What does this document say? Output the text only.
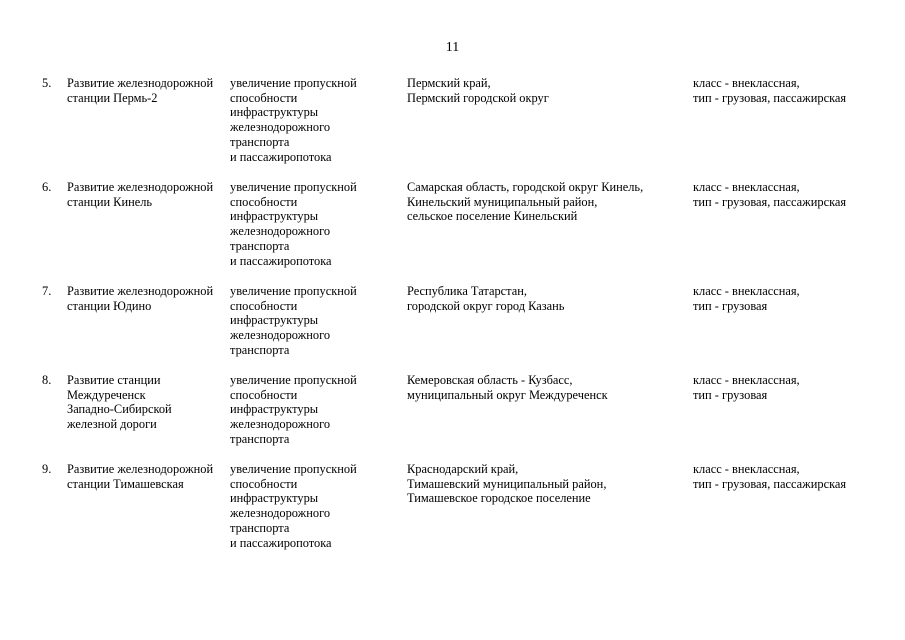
11
5. Развитие железнодорожной
станции Пермь-2
увеличение пропускной
способности
инфраструктуры
железнодорожного
транспорта
и пассажиропотока
Пермский край,
Пермский городской округ
класс - внеклассная,
тип - грузовая, пассажирская
6. Развитие железнодорожной
станции Кинель
увеличение пропускной
способности
инфраструктуры
железнодорожного
транспорта
и пассажиропотока
Самарская область, городской округ Кинель,
Кинельский муниципальный район,
сельское поселение Кинельский
класс - внеклассная,
тип - грузовая, пассажирская
7. Развитие железнодорожной
станции Юдино
увеличение пропускной
способности
инфраструктуры
железнодорожного
транспорта
Республика Татарстан,
городской округ город Казань
класс - внеклассная,
тип - грузовая
8. Развитие станции
Междуреченск
Западно-Сибирской
железной дороги
увеличение пропускной
способности
инфраструктуры
железнодорожного
транспорта
Кемеровская область - Кузбасс,
муниципальный округ Междуреченск
класс - внеклассная,
тип - грузовая
9. Развитие железнодорожной
станции Тимашевская
увеличение пропускной
способности
инфраструктуры
железнодорожного
транспорта
и пассажиропотока
Краснодарский край,
Тимашевский муниципальный район,
Тимашевское городское поселение
класс - внеклассная,
тип - грузовая, пассажирская
